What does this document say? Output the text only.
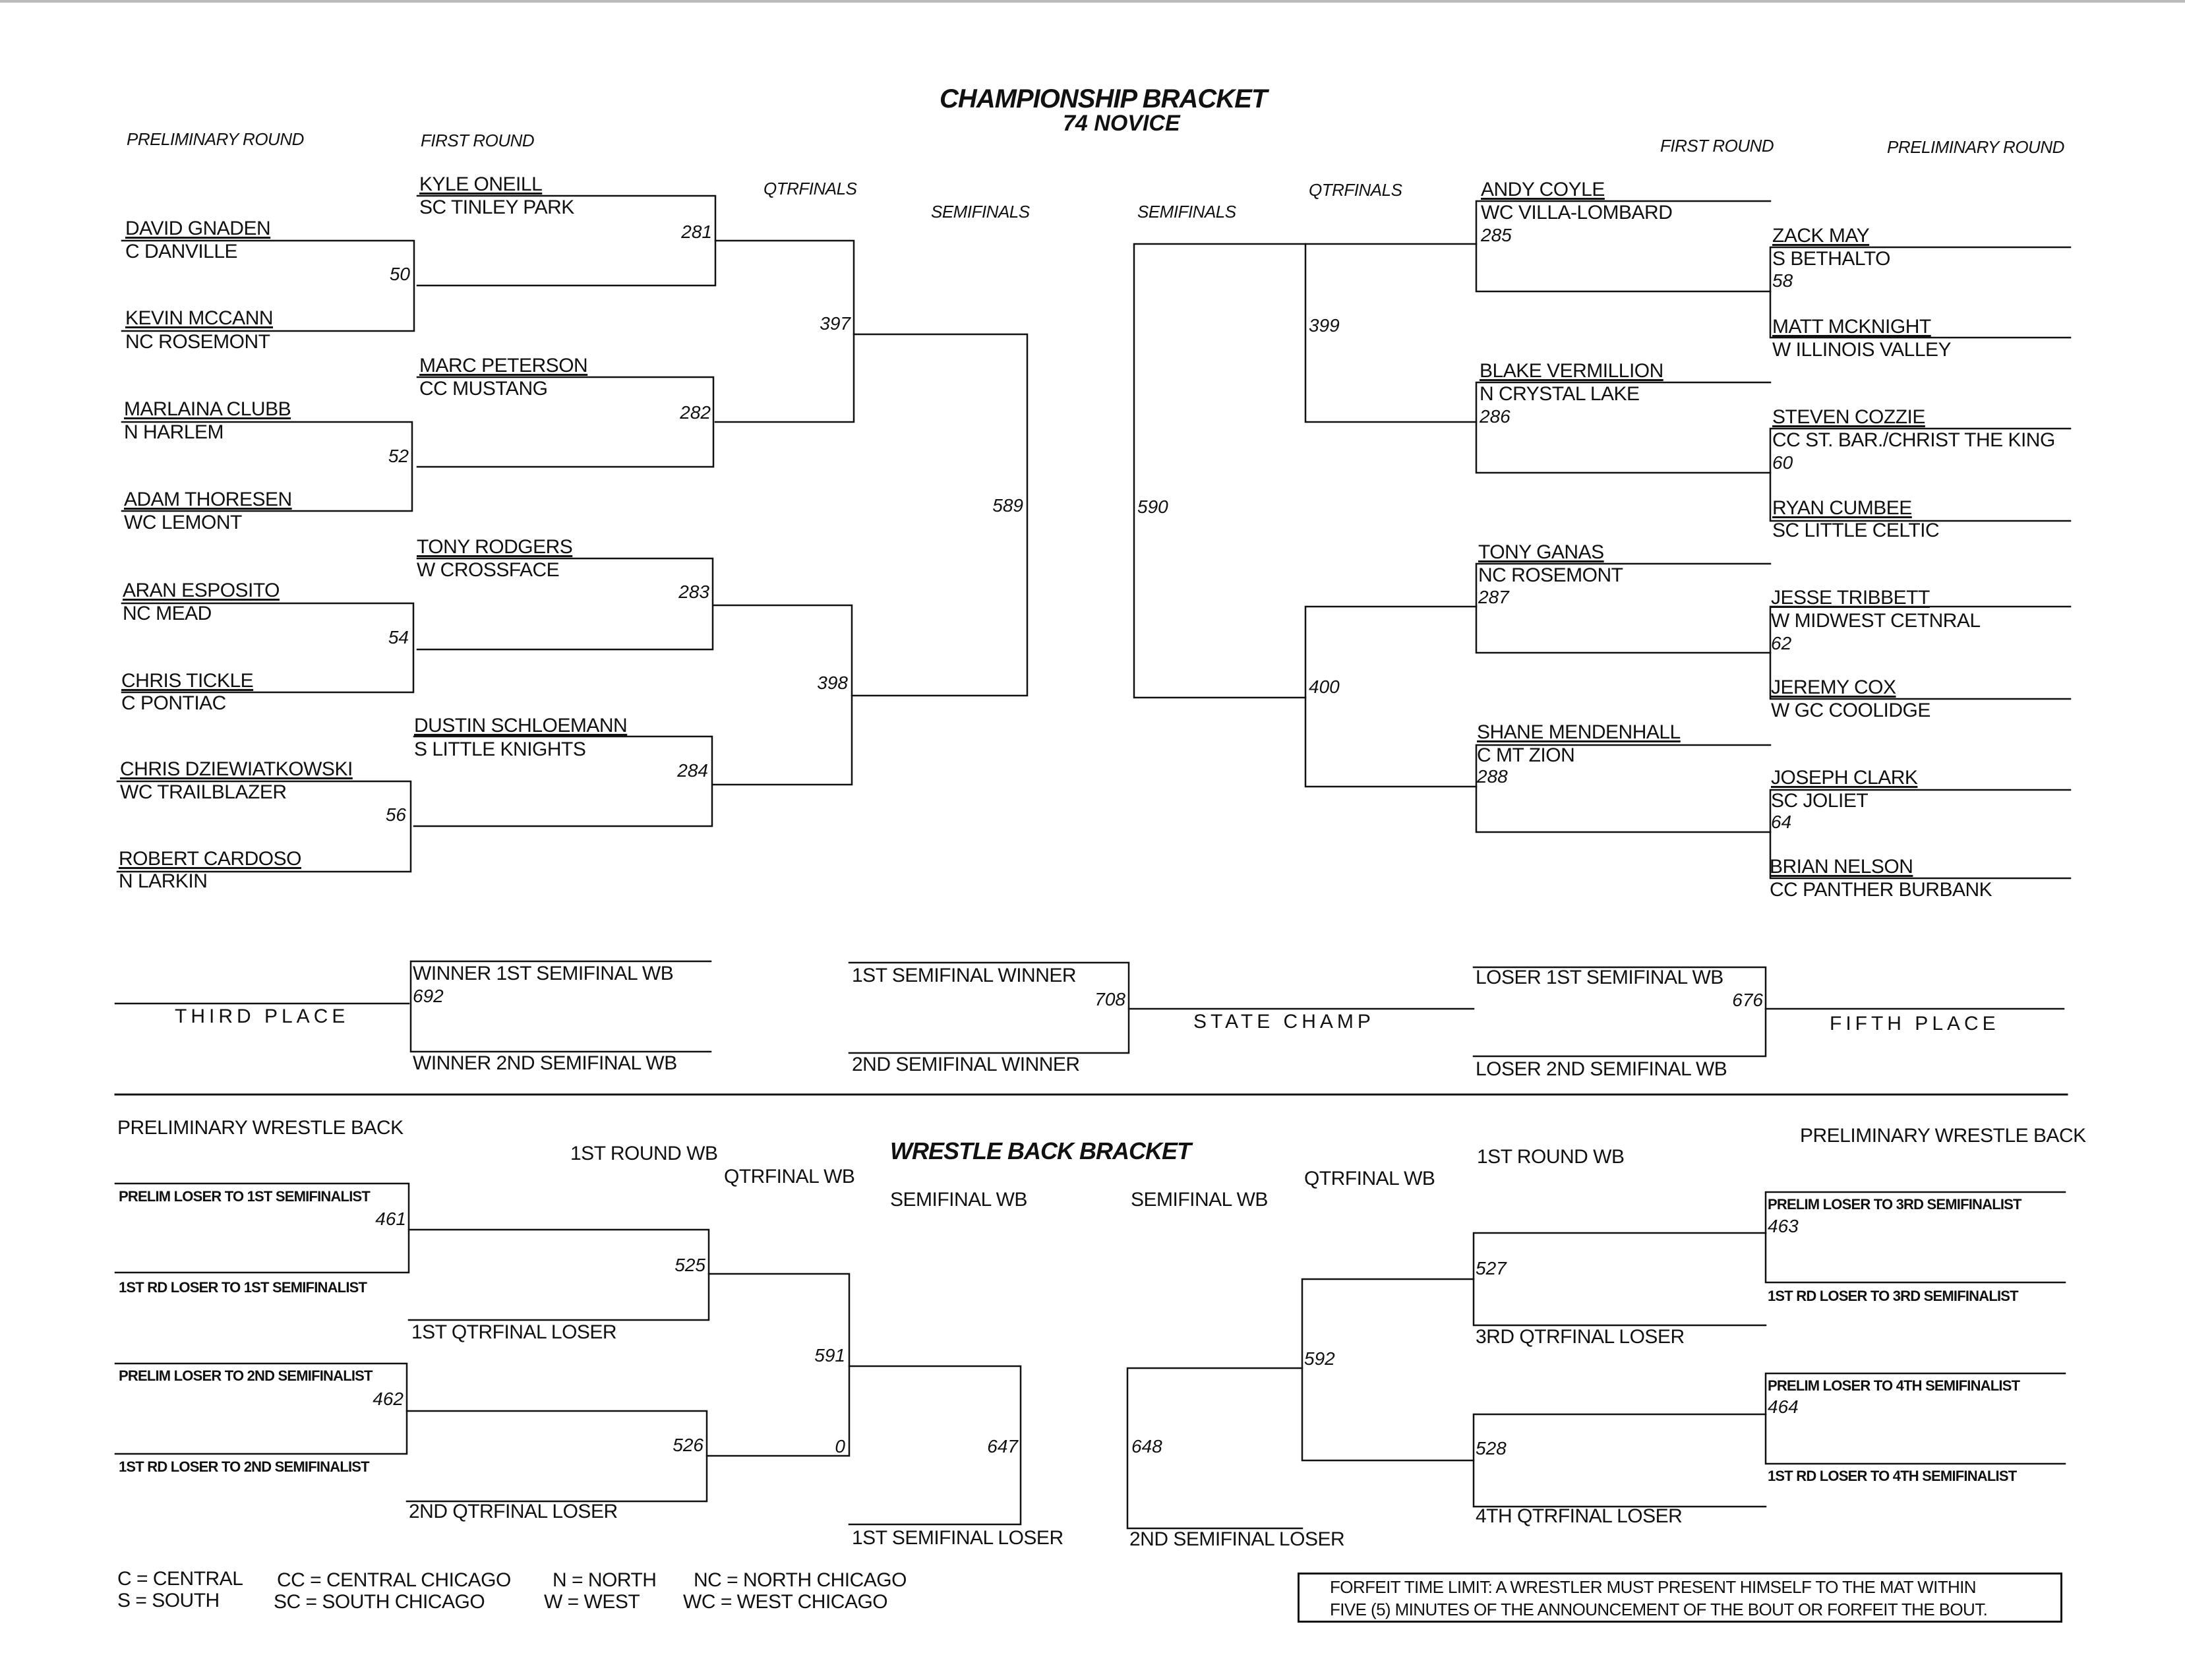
CHAMPIONSHIP BRACKET
74 NOVICE
PRELIMINARY ROUND	FIRST ROUND
QTRFINALS
SEMIFINALS	SEMIFINALS
QTRFINALS
FIRST ROUND	PRELIMINARY ROUND
KYLE ONEILL
SC TINLEY PARK
281
MARC PETERSON
CC MUSTANG
282
TONY RODGERS
W CROSSFACE
283
DUSTIN SCHLOEMANN
S LITTLE KNIGHTS
284
DAVID GNADEN
C DANVILLE
50
KEVIN MCCANN
NC ROSEMONT
MARLAINA CLUBB
N HARLEM
52
ADAM THORESEN
WC LEMONT
ARAN ESPOSITO
NC MEAD
54
CHRIS TICKLE
C PONTIAC
CHRIS DZIEWIATKOWSKI
WC TRAILBLAZER
56
ROBERT CARDOSO
N LARKIN
397
398
589	590
399
400
ANDY COYLE
WC VILLA-LOMBARD
285
BLAKE VERMILLION
N CRYSTAL LAKE
286
TONY GANAS
NC ROSEMONT
287
SHANE MENDENHALL
C MT ZION
288
ZACK MAY
S BETHALTO
58
MATT MCKNIGHT
W ILLINOIS VALLEY
STEVEN COZZIE
CC ST. BAR./CHRIST THE KING
60
RYAN CUMBEE
SC LITTLE CELTIC
JESSE TRIBBETT
W MIDWEST CETNRAL
62
JEREMY COX
W GC COOLIDGE
JOSEPH CLARK
SC JOLIET
64
BRIAN NELSON
CC PANTHER BURBANK
THIRD PLACE
WINNER 1ST SEMIFINAL WB
692
WINNER 2ND SEMIFINAL WB
1ST SEMIFINAL WINNER
708
2ND SEMIFINAL WINNER
STATE CHAMP
LOSER 1ST SEMIFINAL WB
676
LOSER 2ND SEMIFINAL WB
FIFTH PLACE
WRESTLE BACK BRACKET
PRELIMINARY WRESTLE BACK	PRELIMINARY WRESTLE BACK
1ST ROUND WB	1ST ROUND WB
QTRFINAL WB	QTRFINAL WB
SEMIFINAL WB	SEMIFINAL WB
PRELIM LOSER TO 1ST SEMIFINALIST
461
1ST RD LOSER TO 1ST SEMIFINALIST
525
1ST QTRFINAL LOSER
PRELIM LOSER TO 2ND SEMIFINALIST
462
1ST RD LOSER TO 2ND SEMIFINALIST
526
2ND QTRFINAL LOSER
591
0	647
1ST SEMIFINAL LOSER
648
2ND SEMIFINAL LOSER
592
527
3RD QTRFINAL LOSER
PRELIM LOSER TO 3RD SEMIFINALIST
463
1ST RD LOSER TO 3RD SEMIFINALIST
528
4TH QTRFINAL LOSER
PRELIM LOSER TO 4TH SEMIFINALIST
464
1ST RD LOSER TO 4TH SEMIFINALIST
C = CENTRAL
S = SOUTH
CC = CENTRAL CHICAGO
SC = SOUTH CHICAGO
N = NORTH
W = WEST
NC = NORTH CHICAGO
WC = WEST CHICAGO
FORFEIT TIME LIMIT: A WRESTLER MUST PRESENT HIMSELF TO THE MAT WITHIN
FIVE (5) MINUTES OF THE ANNOUNCEMENT OF THE BOUT OR FORFEIT THE BOUT.
